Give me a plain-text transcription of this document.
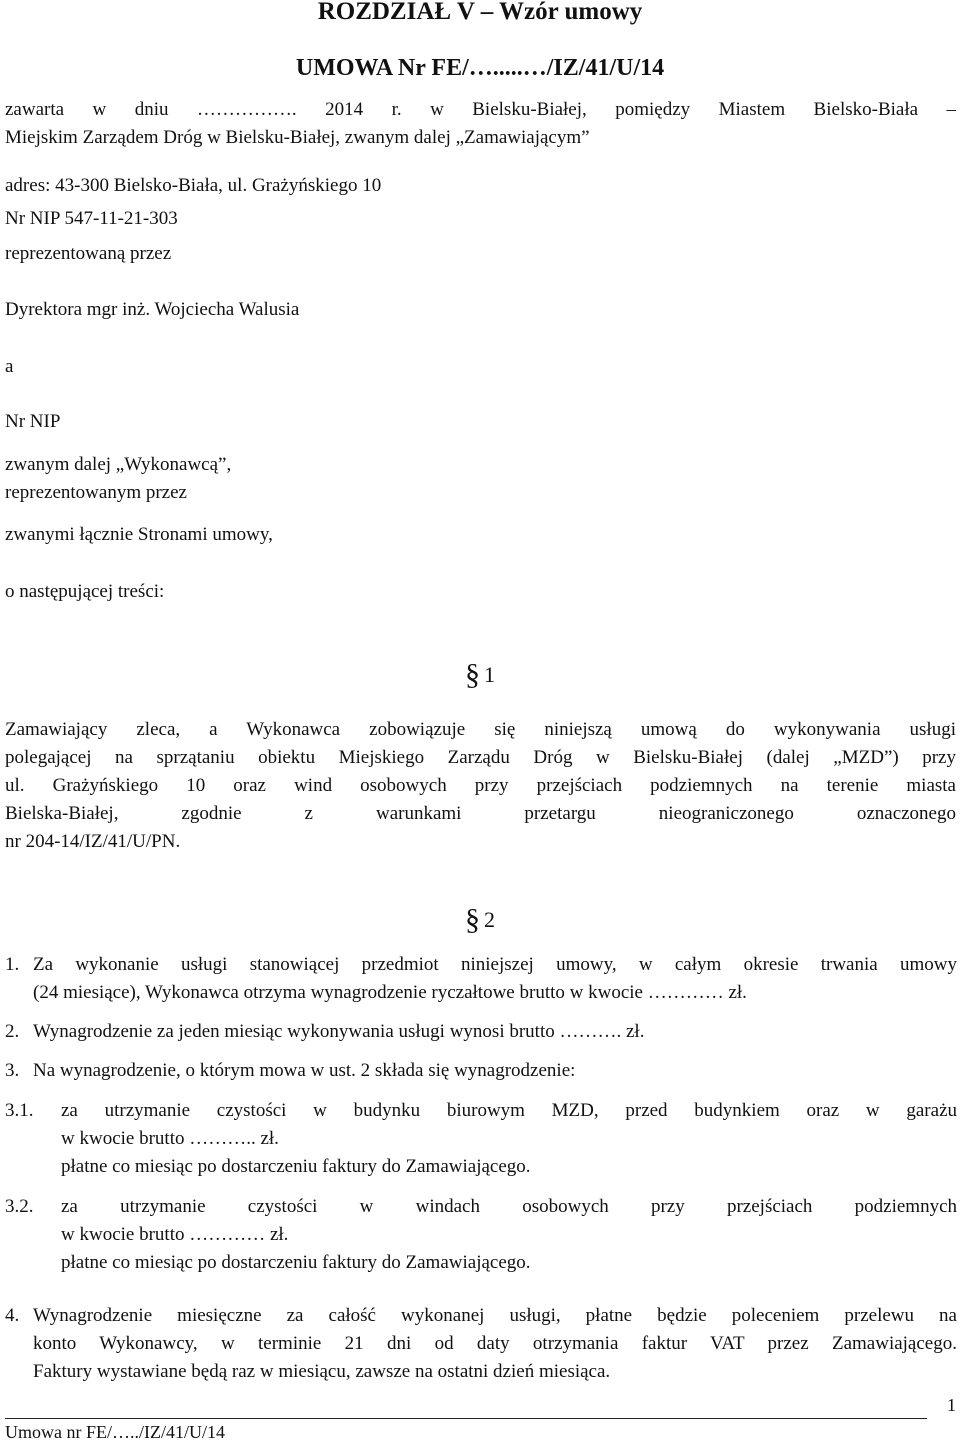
ROZDZIAŁ V – Wzór umowy
UMOWA Nr FE/….....…/IZ/41/U/14
zawarta w dniu ……………. 2014 r. w Bielsku-Białej, pomiędzy Miastem Bielsko-Biała –
Miejskim Zarządem Dróg w Bielsku-Białej, zwanym dalej „Zamawiającym”
adres: 43-300 Bielsko-Biała, ul. Grażyńskiego 10
Nr NIP 547-11-21-303
reprezentowaną przez
Dyrektora mgr inż. Wojciecha Walusia
a
Nr NIP
zwanym dalej „Wykonawcą”,
reprezentowanym przez
zwanymi łącznie Stronami umowy,
o następującej treści:
§ 1
Zamawiający zleca, a Wykonawca zobowiązuje się niniejszą umową do wykonywania usługi
polegającej na sprzątaniu obiektu Miejskiego Zarządu Dróg w Bielsku-Białej (dalej „MZD”) przy
ul. Grażyńskiego 10 oraz wind osobowych przy przejściach podziemnych na terenie miasta
Bielska-Białej, zgodnie z warunkami przetargu nieograniczonego oznaczonego
nr 204-14/IZ/41/U/PN.
§ 2
1. Za wykonanie usługi stanowiącej przedmiot niniejszej umowy, w całym okresie trwania umowy
(24 miesiące), Wykonawca otrzyma wynagrodzenie ryczałtowe brutto w kwocie ………… zł.
2. Wynagrodzenie za jeden miesiąc wykonywania usługi wynosi brutto ………. zł.
3. Na wynagrodzenie, o którym mowa w ust. 2 składa się wynagrodzenie:
3.1. za utrzymanie czystości w budynku biurowym MZD, przed budynkiem oraz w garażu
w kwocie brutto ……….. zł.
płatne co miesiąc po dostarczeniu faktury do Zamawiającego.
3.2. za utrzymanie czystości w windach osobowych przy przejściach podziemnych
w kwocie brutto ………… zł.
płatne co miesiąc po dostarczeniu faktury do Zamawiającego.
4. Wynagrodzenie miesięczne za całość wykonanej usługi, płatne będzie poleceniem przelewu na
konto Wykonawcy, w terminie 21 dni od daty otrzymania faktur VAT przez Zamawiającego.
Faktury wystawiane będą raz w miesiącu, zawsze na ostatni dzień miesiąca.
1
Umowa nr FE/…../IZ/41/U/14
